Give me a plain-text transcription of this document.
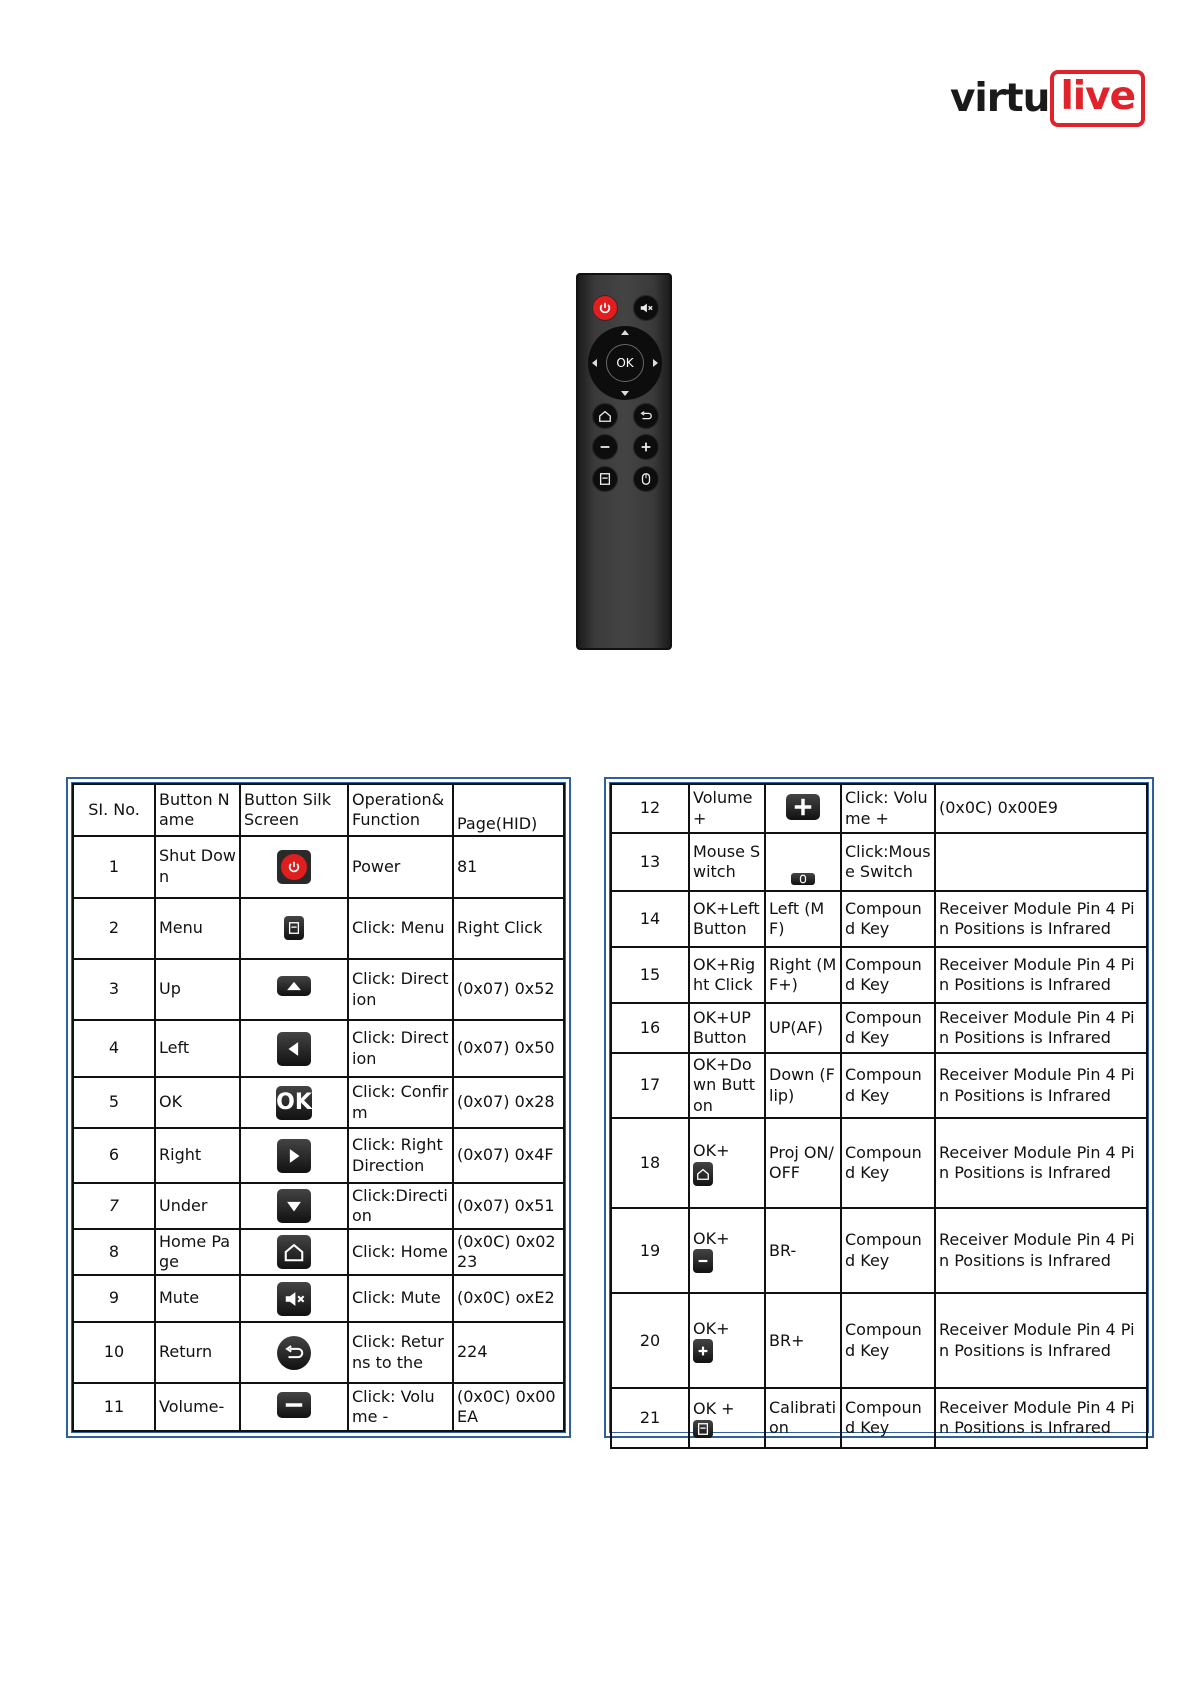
virtu live
OK
SI. No.	Button Name	Button Silk Screen	Operation& Function	Page(HID)
1	Shut Down		Power	81
2	Menu		Click: Menu	Right Click
3	Up		Click: Direction	(0x07) 0x52
4	Left		Click: Direction	(0x07) 0x50
5	OK	OK	Click: Confirm	(0x07) 0x28
6	Right		Click: Right Direction	(0x07) 0x4F
7	Under		Click:Direction	(0x07) 0x51
8	Home Page		Click: Home	(0x0C) 0x0223
9	Mute		Click: Mute	(0x0C) oxE2
10	Return		Click: Returns to the	224
11	Volume-		Click: Volume -	(0x0C) 0x00EA
12	Volume+		Click: Volume +	(0x0C) 0x00E9
13	Mouse Switch		Click:Mouse Switch	
14	OK+Left Button	Left (MF)	Compound Key	Receiver Module Pin 4 Pin Positions is Infrared
15	OK+Right Click	Right (MF+)	Compound Key	Receiver Module Pin 4 Pin Positions is Infrared
16	OK+UP Button	UP(AF)	Compound Key	Receiver Module Pin 4 Pin Positions is Infrared
17	OK+Down Button	Down (Flip)	Compound Key	Receiver Module Pin 4 Pin Positions is Infrared
18	OK+	Proj ON/OFF	Compound Key	Receiver Module Pin 4 Pin Positions is Infrared
19	OK+	BR-	Compound Key	Receiver Module Pin 4 Pin Positions is Infrared
20	OK+	BR+	Compound Key	Receiver Module Pin 4 Pin Positions is Infrared
21	OK +	Calibration	Compound Key	Receiver Module Pin 4 Pin Positions is Infrared
